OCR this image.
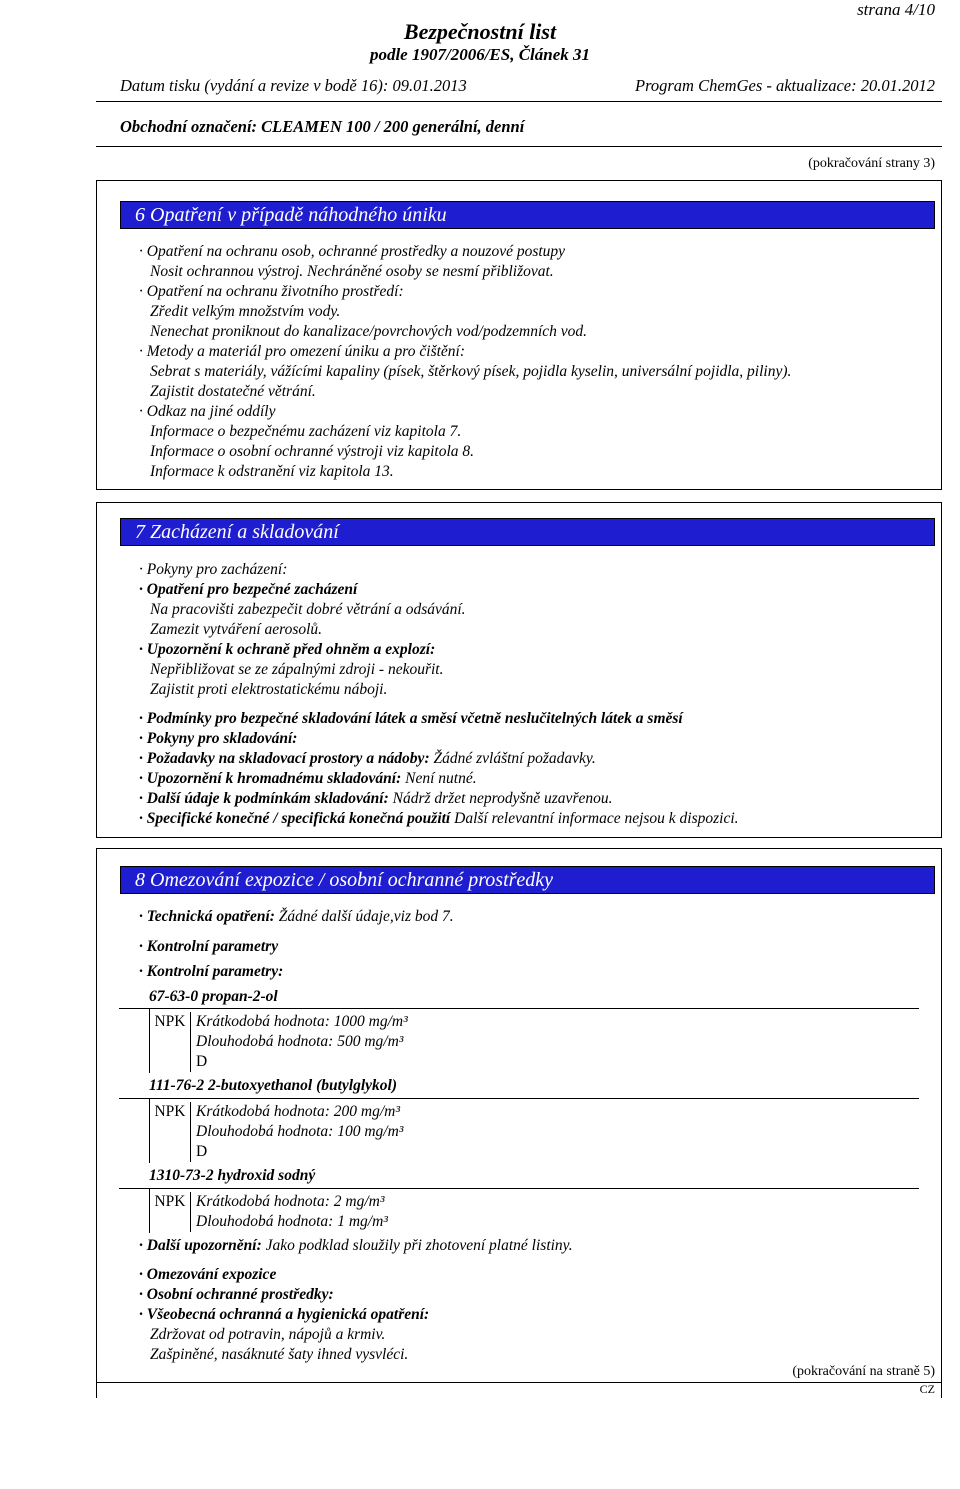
strana 4/10
Bezpečnostní list
podle 1907/2006/ES, Článek 31
Datum tisku (vydání a revize v bodě 16): 09.01.2013	Program ChemGes - aktualizace: 20.01.2012
Obchodní označení: CLEAMEN 100 / 200 generální, denní
(pokračování strany 3)
6 Opatření v případě náhodného úniku
· Opatření na ochranu osob, ochranné prostředky a nouzové postupy
Nosit ochrannou výstroj. Nechráněné osoby se nesmí přibližovat.
· Opatření na ochranu životního prostředí:
Zředit velkým množstvím vody.
Nenechat proniknout do kanalizace/povrchových vod/podzemních vod.
· Metody a materiál pro omezení úniku a pro čištění:
Sebrat s materiály, vážícími kapaliny (písek, štěrkový písek, pojidla kyselin, universální pojidla, piliny).
Zajistit dostatečné větrání.
· Odkaz na jiné oddíly
Informace o bezpečnému zacházení viz kapitola 7.
Informace o osobní ochranné výstroji viz kapitola 8.
Informace k odstranění viz kapitola 13.
7 Zacházení a skladování
· Pokyny pro zacházení:
· Opatření pro bezpečné zacházení
Na pracovišti zabezpečit dobré větrání a odsávání.
Zamezit vytváření aerosolů.
· Upozornění k ochraně před ohněm a explozí:
Nepřibližovat se ze zápalnými zdroji - nekouřit.
Zajistit proti elektrostatickému náboji.
· Podmínky pro bezpečné skladování látek a směsí včetně neslučitelných látek a směsí
· Pokyny pro skladování:
· Požadavky na skladovací prostory a nádoby: Žádné zvláštní požadavky.
· Upozornění k hromadnému skladování: Není nutné.
· Další údaje k podmínkám skladování: Nádrž držet neprodyšně uzavřenou.
· Specifické konečné / specifická konečná použití Další relevantní informace nejsou k dispozici.
8 Omezování expozice / osobní ochranné prostředky
· Technická opatření: Žádné další údaje,viz bod 7.
· Kontrolní parametry
· Kontrolní parametry:
67-63-0 propan-2-ol
NPK Krátkodobá hodnota: 1000 mg/m³
Dlouhodobá hodnota: 500 mg/m³
D
111-76-2 2-butoxyethanol (butylglykol)
NPK Krátkodobá hodnota: 200 mg/m³
Dlouhodobá hodnota: 100 mg/m³
D
1310-73-2 hydroxid sodný
NPK Krátkodobá hodnota: 2 mg/m³
Dlouhodobá hodnota: 1 mg/m³
· Další upozornění: Jako podklad sloužily při zhotovení platné listiny.
· Omezování expozice
· Osobní ochranné prostředky:
· Všeobecná ochranná a hygienická opatření:
Zdržovat od potravin, nápojů a krmiv.
Zašpiněné, nasáknuté šaty ihned vysvléci.
(pokračování na straně 5)
CZ
